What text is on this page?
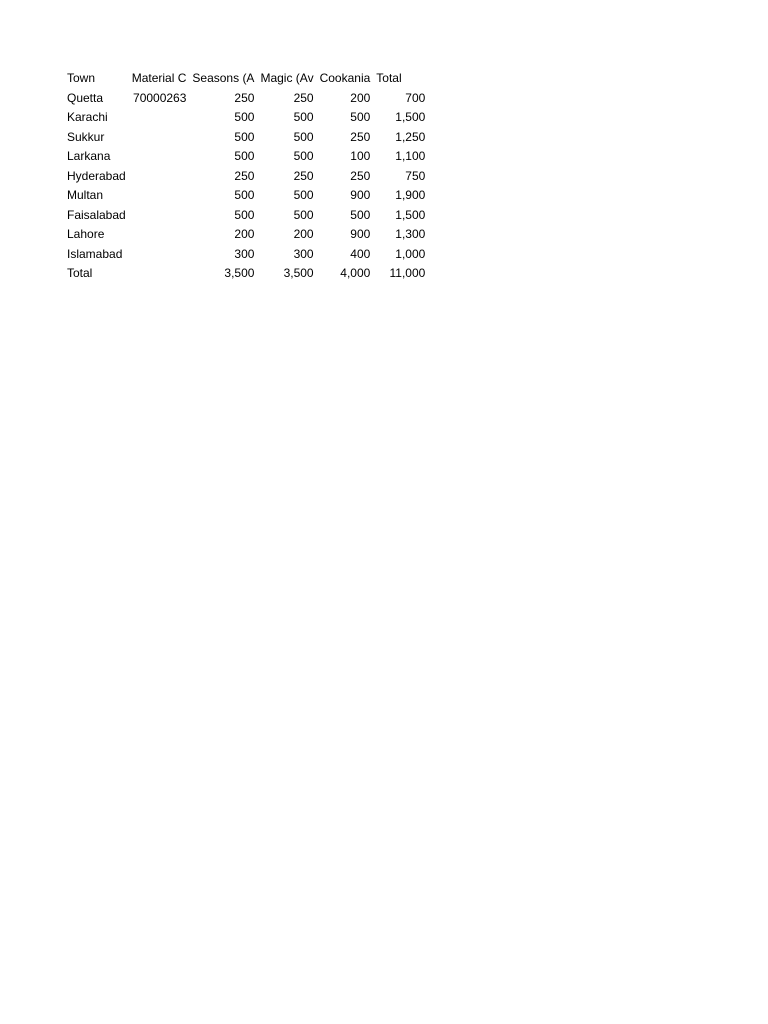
Town	Material C	Seasons (A	Magic (Av	Cookania	Total
Quetta	70000263	250	250	200	700
Karachi		500	500	500	1,500
Sukkur		500	500	250	1,250
Larkana		500	500	100	1,100
Hyderabad		250	250	250	750
Multan		500	500	900	1,900
Faisalabad		500	500	500	1,500
Lahore		200	200	900	1,300
Islamabad		300	300	400	1,000
Total		3,500	3,500	4,000	11,000
